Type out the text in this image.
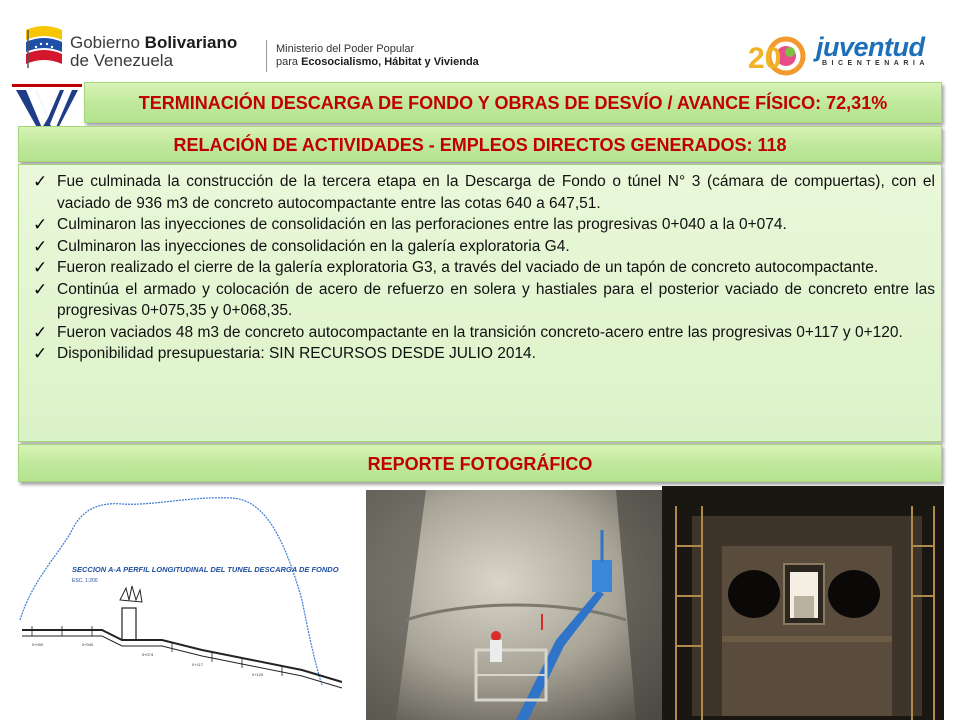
Gobierno Bolivariano
de Venezuela
Ministerio del Poder Popular
para Ecosocialismo, Hábitat y Vivienda	20 juventud
BICENTENARIA
TERMINACIÓN DESCARGA DE FONDO Y OBRAS DE DESVÍO / AVANCE FÍSICO: 72,31%
RELACIÓN DE ACTIVIDADES - EMPLEOS DIRECTOS GENERADOS: 118
✓ Fue culminada la construcción de la tercera etapa en la Descarga de Fondo o túnel N° 3 (cámara de compuertas), con el vaciado de 936 m3 de concreto autocompactante entre las cotas 640 a 647,51.
✓ Culminaron las inyecciones de consolidación en las perforaciones entre las progresivas 0+040 a la 0+074.
✓ Culminaron las inyecciones de consolidación en la galería exploratoria G4.
✓ Fueron realizado el cierre de la galería exploratoria G3, a través del vaciado de un tapón de concreto autocompactante.
✓ Continúa el armado y colocación de acero de refuerzo en solera y hastiales para el posterior vaciado de concreto entre las progresivas 0+075,35 y 0+068,35.
✓ Fueron vaciados 48 m3 de concreto autocompactante en la transición concreto-acero entre las progresivas 0+117 y 0+120.
✓ Disponibilidad presupuestaria: SIN RECURSOS DESDE JULIO 2014.
REPORTE FOTOGRÁFICO
SECCION A-A PERFIL LONGITUDINAL DEL TUNEL DESCARGA DE FONDO
ESC. 1:200
0+000	0+040
0+074
0+117
0+120
